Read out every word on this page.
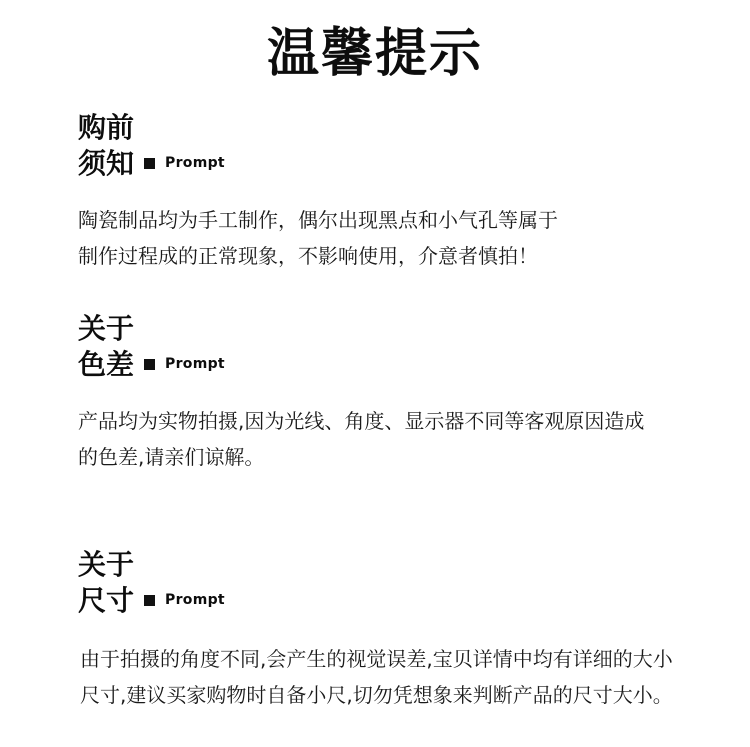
温馨提示
购前
须知 Prompt
陶瓷制品均为手工制作，偶尔出现黑点和小气孔等属于
制作过程成的正常现象，不影响使用，介意者慎拍！
关于
色差 Prompt
产品均为实物拍摄,因为光线、角度、显示器不同等客观原因造成
的色差,请亲们谅解。
关于
尺寸 Prompt
由于拍摄的角度不同,会产生的视觉误差,宝贝详情中均有详细的大小
尺寸,建议买家购物时自备小尺,切勿凭想象来判断产品的尺寸大小。
